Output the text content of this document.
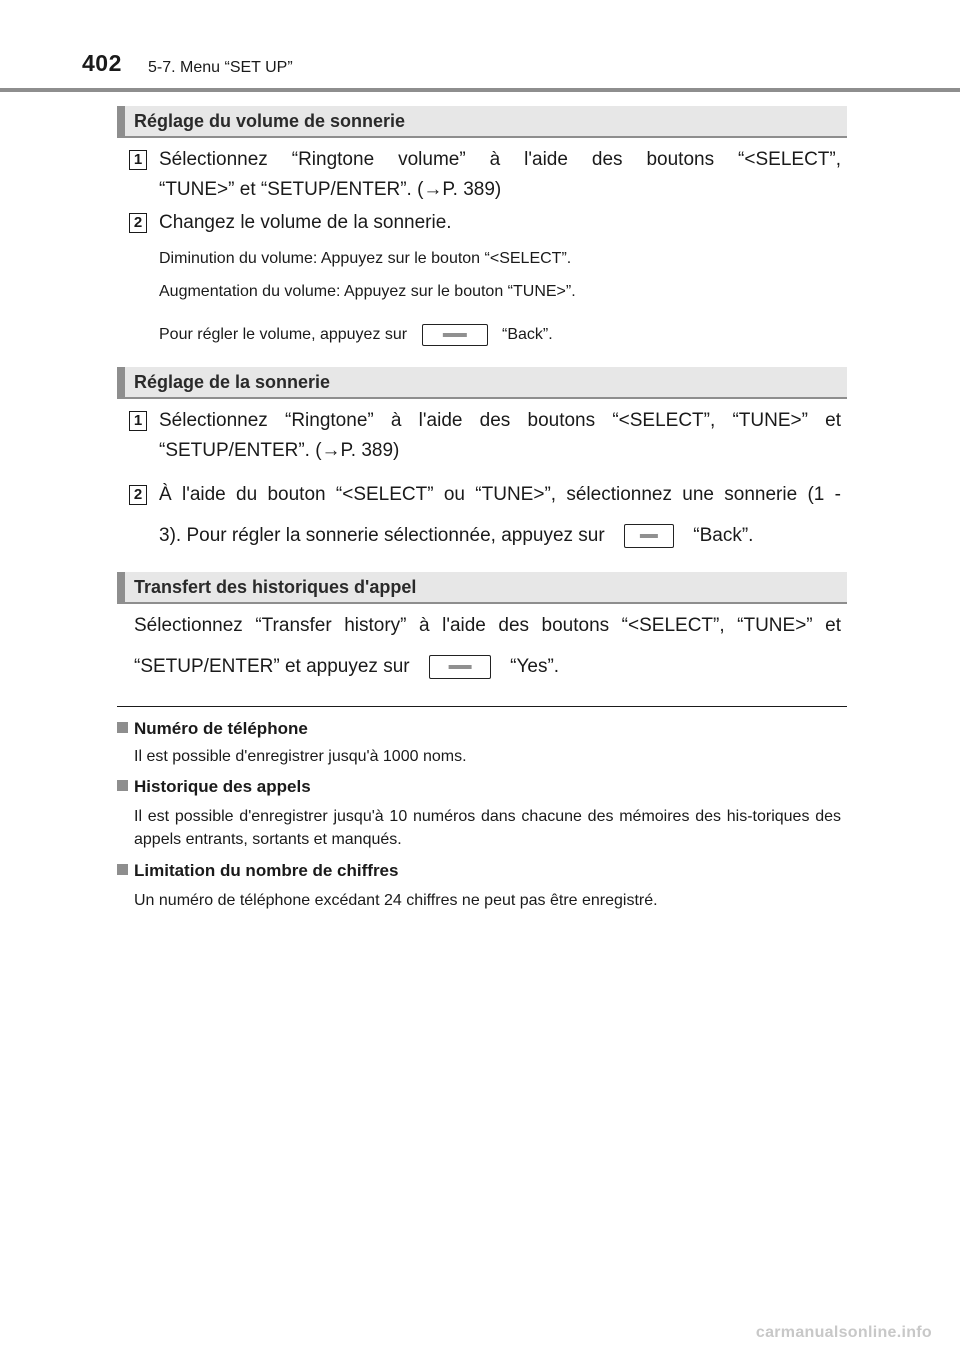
402 5-7. Menu “SET UP”
Réglage du volume de sonnerie
1 Sélectionnez “Ringtone volume” à l'aide des boutons “<SELECT”,
“TUNE>” et “SETUP/ENTER”. (→P. 389)
2 Changez le volume de la sonnerie.
Diminution du volume: Appuyez sur le bouton “<SELECT”.
Augmentation du volume: Appuyez sur le bouton “TUNE>”.
Pour régler le volume, appuyez sur	“Back”.
Réglage de la sonnerie
1 Sélectionnez “Ringtone” à l'aide des boutons “<SELECT”, “TUNE>” et
“SETUP/ENTER”. (→P. 389)
2 À l'aide du bouton “<SELECT” ou “TUNE>”, sélectionnez une sonnerie (1 -
3). Pour régler la sonnerie sélectionnée, appuyez sur	“Back”.
Transfert des historiques d'appel
Sélectionnez “Transfer history” à l'aide des boutons “<SELECT”, “TUNE>” et
“SETUP/ENTER” et appuyez sur	“Yes”.
Numéro de téléphone
Il est possible d'enregistrer jusqu'à 1000 noms.
Historique des appels
Il est possible d'enregistrer jusqu'à 10 numéros dans chacune des mémoires des his-toriques des appels entrants, sortants et manqués.
Limitation du nombre de chiffres
Un numéro de téléphone excédant 24 chiffres ne peut pas être enregistré.
carmanualsonline.info
